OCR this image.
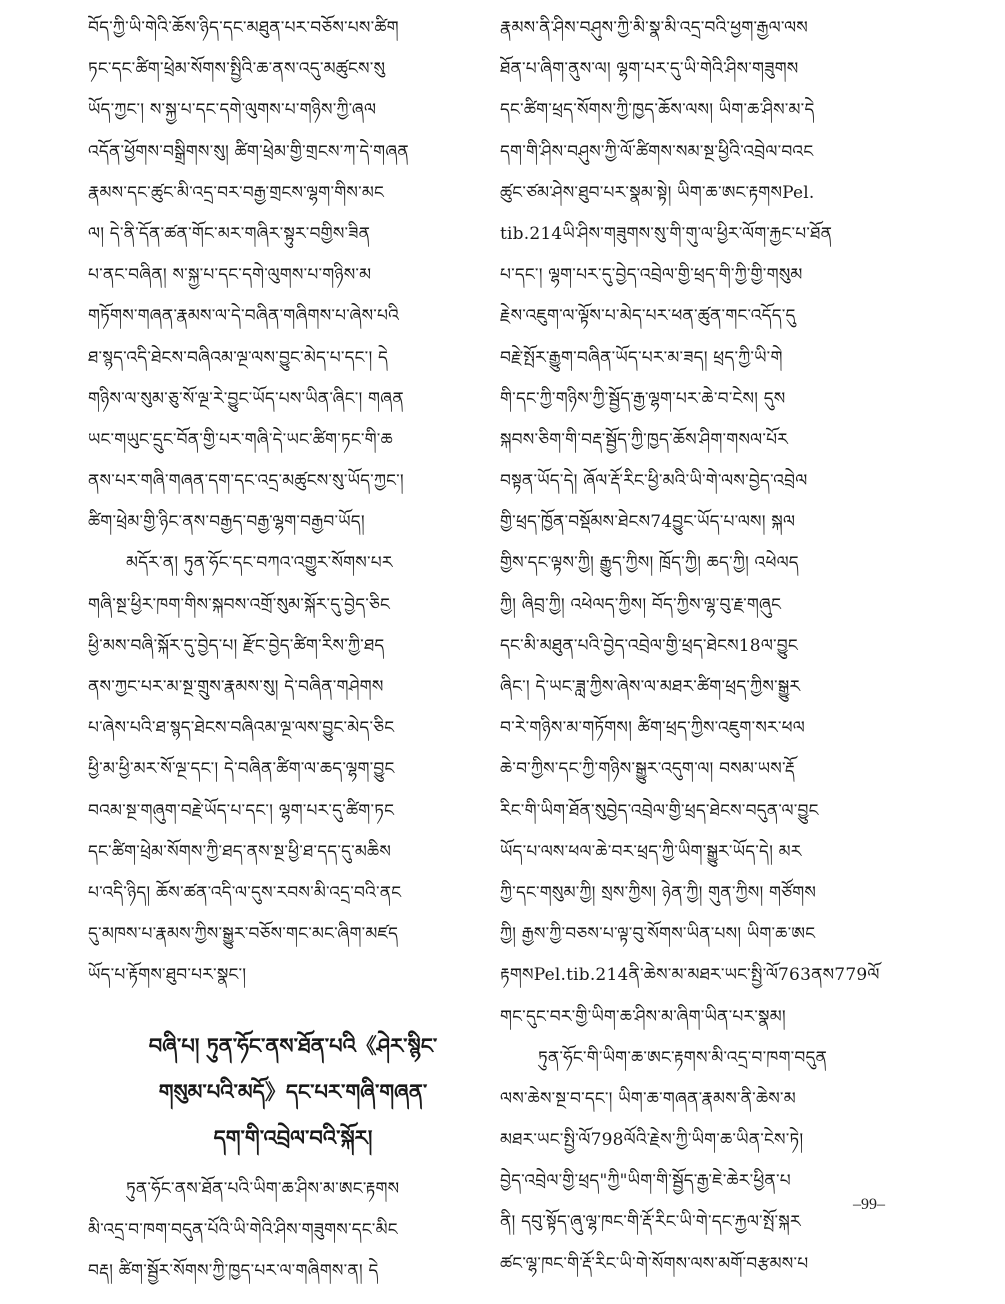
བོད་ཀྱི་ཡི་གེའི་ཆོས་ཉིད་དང་མཐུན་པར་བཅོས་པས་ཚིག
ཏང་དང་ཚིག་ཕྲེམ་སོགས་སྤྱིའི་ཆ་ནས་འདུ་མཚུངས་སུ
ཡོད་ཀྱང་། ས་སྐྱ་པ་དང་དགེ་ལུགས་པ་གཉིས་ཀྱི་ཞལ
འདོན་ཕྱོགས་བསྒྲིགས་སུ། ཚིག་ཕྲེམ་གྱི་གྲངས་ཀ་དེ་གཞན
རྣམས་དང་ཚུང་མི་འདྲ་བར་བརྒྱ་གྲངས་ལྷག་གིས་མང
ལ། དེ་ནི་དོན་ཚན་གོང་མར་གཞིར་སྟུར་བགྱིས་ཟིན
པ་ནང་བཞིན། ས་སྐྱ་པ་དང་དགེ་ལུགས་པ་གཉིས་མ
གཏོགས་གཞན་རྣམས་ལ་དེ་བཞིན་གཞིགས་པ་ཞེས་པའི
ཐ་སྙད་འདི་ཐེངས་བཞིའམ་ལྔ་ལས་བྱུང་མེད་པ་དང་། དེ
གཉིས་ལ་སུམ་ཅུ་སོ་ལྔ་རེ་བྱུང་ཡོད་པས་ཡིན་ཞིང་། གཞན
ཡང་གཡུང་དྲུང་བོན་གྱི་པར་གཞི་དེ་ཡང་ཚིག་ཏང་གི་ཆ
ནས་པར་གཞི་གཞན་དག་དང་འདྲ་མཚུངས་སུ་ཡོད་ཀྱང་།
ཚིག་ཕྲེམ་གྱི་ཉིང་ནས་བརྒྱད་བརྒྱ་ལྷག་བརྒྱབ་ཡོད།
མདོར་ན། ཏུན་ཧོང་དང་བཀའ་འགྱུར་སོགས་པར
གཞི་སྔ་ཕྱིར་ཁག་གིས་སྐབས་འགྲོ་སུམ་སྐོར་དུ་བྱེད་ཅིང
ཕྱི་མས་བཞི་སྐོར་དུ་བྱེད་པ། རྫོང་བྱེད་ཚིག་རིས་ཀྱི་ཐད
ནས་ཀྱང་པར་མ་སྔ་གྲུས་རྣམས་སུ། དེ་བཞིན་གཤེགས
པ་ཞེས་པའི་ཐ་སྙད་ཐེངས་བཞིའམ་ལྔ་ལས་བྱུང་མེད་ཅིང
ཕྱི་མ་ཕྱི་མར་སོ་ལྔ་དང་། དེ་བཞིན་ཚིག་ལ་ཆད་ལྷག་བྱུང
བའམ་སྔ་གཞུག་བརྗེ་ཡོད་པ་དང་། ལྷག་པར་དུ་ཚིག་ཏང
དང་ཚིག་ཕྲེམ་སོགས་ཀྱི་ཐད་ནས་སྔ་ཕྱི་ཐ་དད་དུ་མཆིས
པ་འདི་ཉིད། ཆོས་ཚན་འདི་ལ་དུས་རབས་མི་འདྲ་བའི་ནང
དུ་མཁས་པ་རྣམས་ཀྱིས་སྒྱུར་བཅོས་གང་མང་ཞིག་མཛད
ཡོད་པ་རྟོགས་ཐུབ་པར་སྣང་།
བཞི་པ། ཏུན་ཧོང་ནས་ཐོན་པའི《ཤེར་སྙིང་
གསུམ་པའི་མདོ》དང་པར་གཞི་གཞན་
དག་གི་འབྲེལ་བའི་སྐོར།
ཏུན་ཧོང་ནས་ཐོན་པའི་ཡིག་ཆ་ཤིས་མ་ཨང་རྟགས
མི་འདྲ་བ་ཁག་བདུན་པོའི་ཡི་གེའི་ཤིས་གཟུགས་དང་མིང
བརྡ། ཚིག་སྦྱོར་སོགས་ཀྱི་ཁྱད་པར་ལ་གཞིགས་ན། དེ
རྣམས་ནི་ཤིས་བཤུས་ཀྱི་མི་སྣ་མི་འདྲ་བའི་ཕྱག་རྒྱལ་ལས
ཐོན་པ་ཞིག་ནུས་ལ། ལྷག་པར་དུ་ཡི་གེའི་ཤིས་གཟུགས
དང་ཚིག་ཕྲད་སོགས་ཀྱི་ཁྱད་ཆོས་ལས། ཡིག་ཆ་ཤིས་མ་དེ
དག་གི་ཤིས་བཤུས་ཀྱི་ལོ་ཚིགས་སམ་སྔ་ཕྱིའི་འབྲེལ་བའང
ཚུང་ཙམ་ཤེས་ཐུབ་པར་སྣམ་སྟེ། ཡིག་ཆ་ཨང་རྟགསPel.
tib.214ཡི་ཤིས་གཟུགས་སུ་གི་གུ་ལ་ཕྱིར་ལོག་རྐྱང་པ་ཐོན
པ་དང་། ལྷག་པར་དུ་བྱེད་འབྲེལ་གྱི་ཕྲད་གི་ཀྱི་གྱི་གསུམ
རྗེས་འཇུག་ལ་ལྟོས་པ་མེད་པར་ཕན་ཚུན་གང་འདོད་དུ
བརྗེ་སྤོར་རྒྱུག་བཞིན་ཡོད་པར་མ་ཟད། ཕྲད་ཀྱི་ཡི་གེ
གི་དང་ཀྱི་གཉིས་ཀྱི་སྦྱོད་རྒྱ་ལྷག་པར་ཆེ་བ་ངེས། དུས
སྐབས་ཅིག་གི་བརྡ་སྦྱོད་ཀྱི་ཁྱད་ཆོས་ཤིག་གསལ་པོར
བསྟན་ཡོད་དེ། ཞོལ་རྡོ་རིང་ཕྱི་མའི་ཡི་གེ་ལས་བྱེད་འབྲེལ
གྱི་ཕྲད་ཁྱོན་བསྡོམས་ཐེངས74བྱུང་ཡོད་པ་ལས། སྐལ
གྱིས་དང་ལྟས་ཀྱི། རྒྱུད་ཀྱིས། ཁྲོད་ཀྱི། ཆད་ཀྱི། འཕེལད
ཀྱི། ཞིབྲ་ཀྱི། འཕེལད་ཀྱིས། བོད་ཀྱིས་ལྷ་བུ་རྗ་གཞུང
དང་མི་མཐུན་པའི་བྱེད་འབྲེལ་གྱི་ཕྲད་ཐེངས18ལ་བྱུང
ཞིང་། དེ་ཡང་ཟླ་ཀྱིས་ཞེས་ལ་མཐར་ཚིག་ཕྲད་ཀྱིས་སྒྱུར
བ་རེ་གཉིས་མ་གཏོགས། ཚིག་ཕྲད་ཀྱིས་འཇུག་སར་ཕལ
ཆེ་བ་ཀྱིས་དང་ཀྱི་གཉིས་སྒྱུར་འདུག་ལ། བསམ་ཡས་རྡོ
རིང་གི་ཡིག་ཐོན་སུབྱེད་འབྲེལ་གྱི་ཕྲད་ཐེངས་བདུན་ལ་བྱུང
ཡོད་པ་ལས་ཕལ་ཆེ་བར་ཕྲད་ཀྱི་ཡིག་སྒྱུར་ཡོད་དེ། མར
ཀྱི་དང་གསུམ་ཀྱི། སྲས་ཀྱིས། ཉེན་ཀྱི། གུན་ཀྱིས། གཙོགས
ཀྱི། རྒྱས་ཀྱི་བཅས་པ་ལྟ་བུ་སོགས་ཡིན་པས། ཡིག་ཆ་ཨང
རྟགསPel.tib.214ནི་ཆེས་མ་མཐར་ཡང་སྤྱི་ལོ763ནས779ལོ
གང་དུང་བར་གྱི་ཡིག་ཆ་ཤིས་མ་ཞིག་ཡིན་པར་སྣམ།
ཏུན་ཧོང་གི་ཡིག་ཆ་ཨང་རྟགས་མི་འདྲ་བ་ཁག་བདུན
ལས་ཆེས་སྔ་བ་དང་། ཡིག་ཆ་གཞན་རྣམས་ནི་ཆེས་མ
མཐར་ཡང་སྤྱི་ལོ798ལོའི་རྗེས་ཀྱི་ཡིག་ཆ་ཡིན་ངེས་ཏེ།
བྱེད་འབྲེལ་གྱི་ཕྲད"ཀྱི"ཡིག་གི་སྦྱོད་རྒྱ་ཇེ་ཆེར་ཕྱིན་པ
ནི། དབུ་སྟོད་ཞུ་ལྷ་ཁང་གི་རྡོ་རིང་ཡི་གེ་དང་རྐྱལ་སྤོ་སྐར
ཚང་ལྷ་ཁང་གི་རྡོ་རིང་ཡི་གེ་སོགས་ལས་མགོ་བརྩམས་པ
–99–
